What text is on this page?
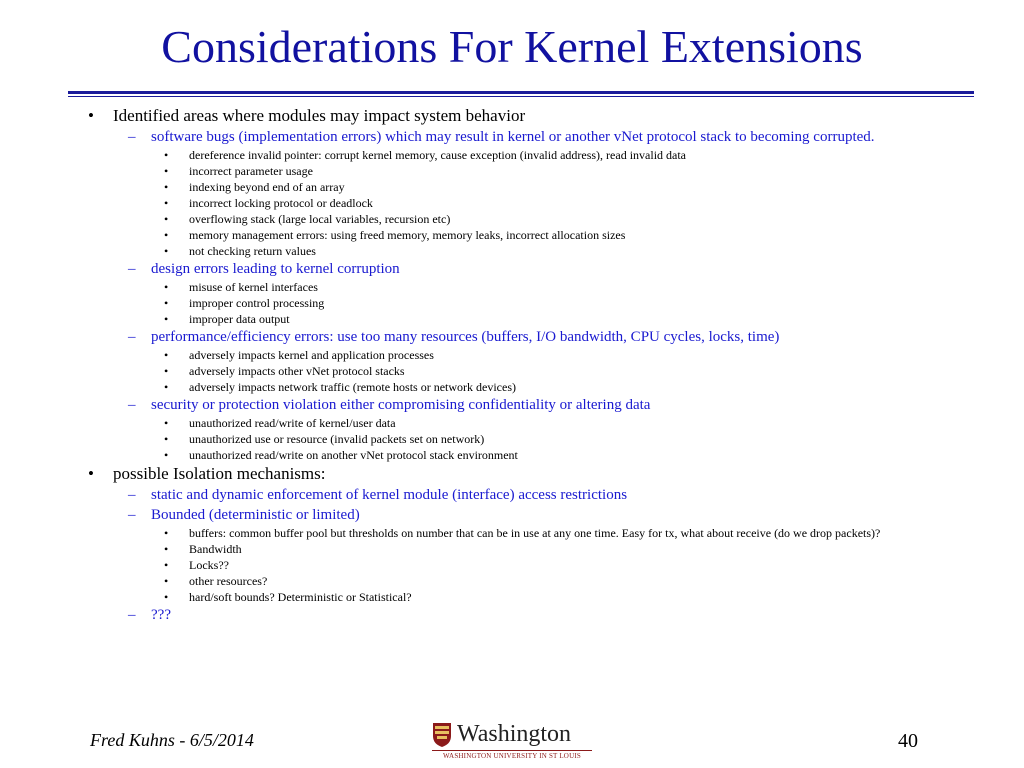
Considerations For Kernel Extensions
• Identified areas where modules may impact system behavior
– software bugs (implementation errors) which may result in kernel or another vNet protocol stack to becoming corrupted.
• dereference invalid pointer: corrupt kernel memory, cause exception (invalid address), read invalid data
• incorrect parameter usage
• indexing beyond end of an array
• incorrect locking protocol or deadlock
• overflowing stack (large local variables, recursion etc)
• memory management errors: using freed memory, memory leaks, incorrect allocation sizes
• not checking return values
– design errors leading to kernel corruption
• misuse of kernel interfaces
• improper control processing
• improper data output
– performance/efficiency errors: use too many resources (buffers, I/O bandwidth, CPU cycles, locks, time)
• adversely impacts kernel and application processes
• adversely impacts other vNet protocol stacks
• adversely impacts network traffic (remote hosts or network devices)
– security or protection violation either compromising confidentiality or altering data
• unauthorized read/write of kernel/user data
• unauthorized use or resource (invalid packets set on network)
• unauthorized read/write on another vNet protocol stack environment
• possible Isolation mechanisms:
– static and dynamic enforcement of kernel module (interface) access restrictions
– Bounded (deterministic or limited)
• buffers: common buffer pool but thresholds on number that can be in use at any one time. Easy for tx, what about receive (do we drop packets)?
• Bandwidth
• Locks??
• other resources?
• hard/soft bounds? Deterministic or Statistical?
– ???
Fred Kuhns - 6/5/2014	Washington
WASHINGTON UNIVERSITY IN ST LOUIS
40
